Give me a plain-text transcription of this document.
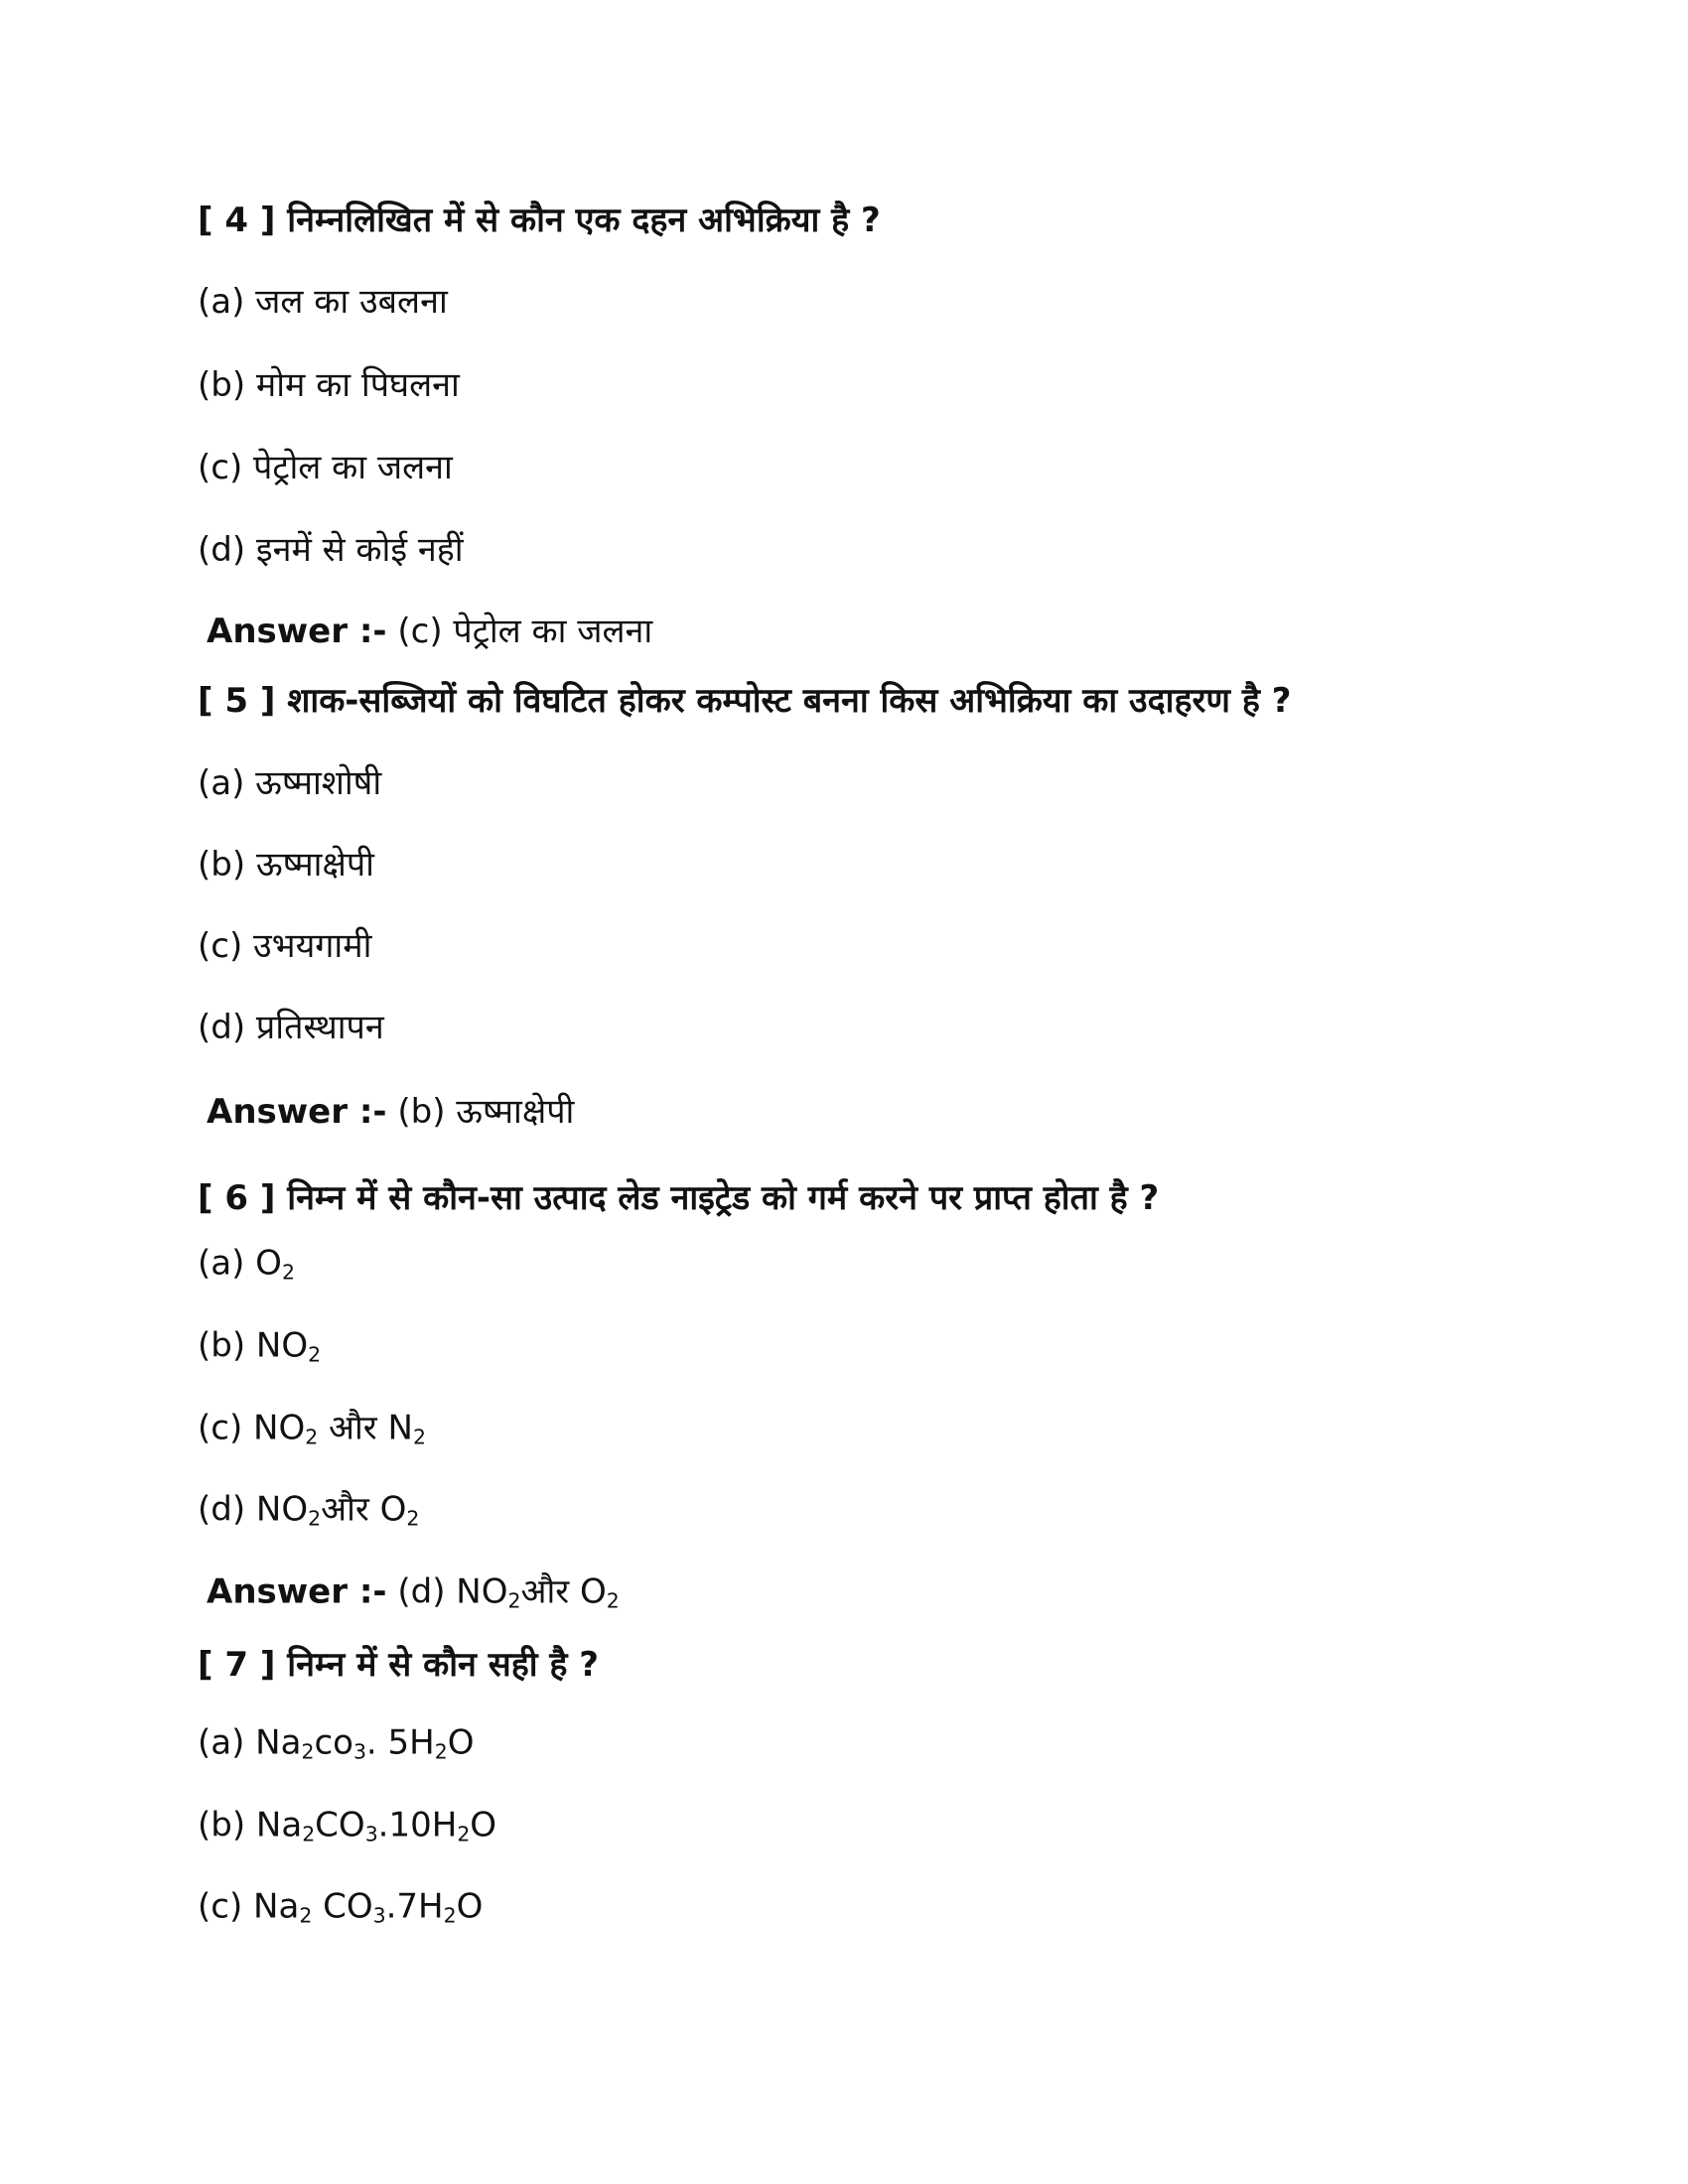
[ 4 ] निम्नलिखित में से कौन एक दहन अभिक्रिया है ?
(a) जल का उबलना
(b) मोम का पिघलना
(c) पेट्रोल का जलना
(d) इनमें से कोई नहीं
Answer :- (c) पेट्रोल का जलना
[ 5 ] शाक-सब्जियों को विघटित होकर कम्पोस्ट बनना किस अभिक्रिया का उदाहरण है ?
(a) ऊष्माशोषी
(b) ऊष्माक्षेपी
(c) उभयगामी
(d) प्रतिस्थापन
Answer :- (b) ऊष्माक्षेपी
[ 6 ] निम्न में से कौन-सा उत्पाद लेड नाइट्रेड को गर्म करने पर प्राप्त होता है ?
(a) $O_2$
(b) $NO_2$
(c) $NO_2$ और $N_2$
(d) $NO_2और$ $O_2$
Answer :- (d) $NO_2और$ $O_2$
[ 7 ] निम्न में से कौन सही है ?
(a) $Na_2co_3$. $5H_2O$
(b) $Na_2CO_3.10H_2O$
(c) $Na_2$ $CO_3.7H_2O$
